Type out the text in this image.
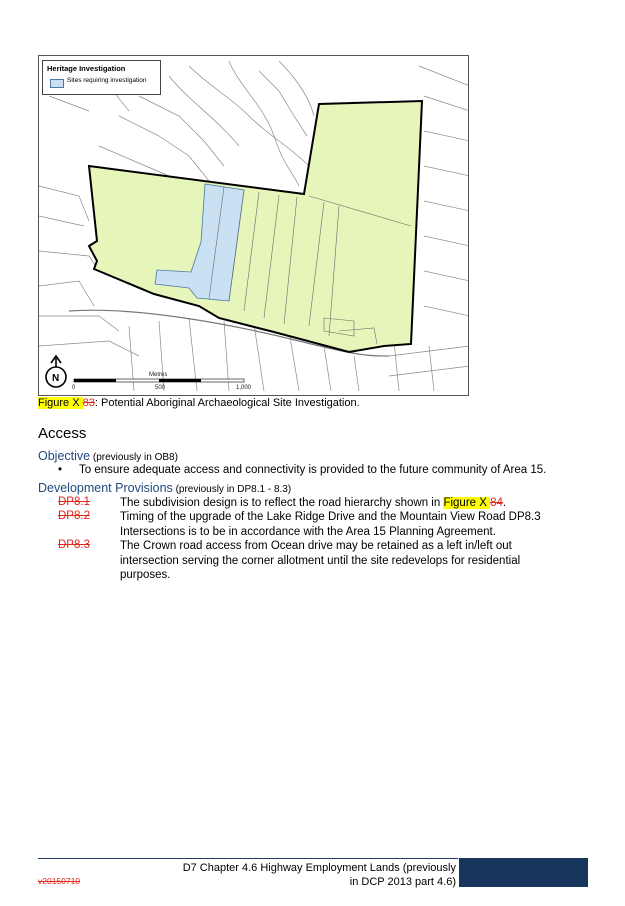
N	Metres
0	500	1,000
Heritage Investigation
Sites requiring investigation
Figure X 83: Potential Aboriginal Archaeological Site Investigation.
Access
Objective (previously in OB8)
• To ensure adequate access and connectivity is provided to the future community of Area 15.
Development Provisions (previously in DP8.1 - 8.3)
DP8.1	The subdivision design is to reflect the road hierarchy shown in Figure X 84.
DP8.2	Timing of the upgrade of the Lake Ridge Drive and the Mountain View Road DP8.3 Intersections is to be in accordance with the Area 15 Planning Agreement.
DP8.3	The Crown road access from Ocean drive may be retained as a left in/left out intersection serving the corner allotment until the site redevelops for residential purposes.
D7 Chapter 4.6 Highway Employment Lands (previously
in DCP 2013 part 4.6)
v20150710
